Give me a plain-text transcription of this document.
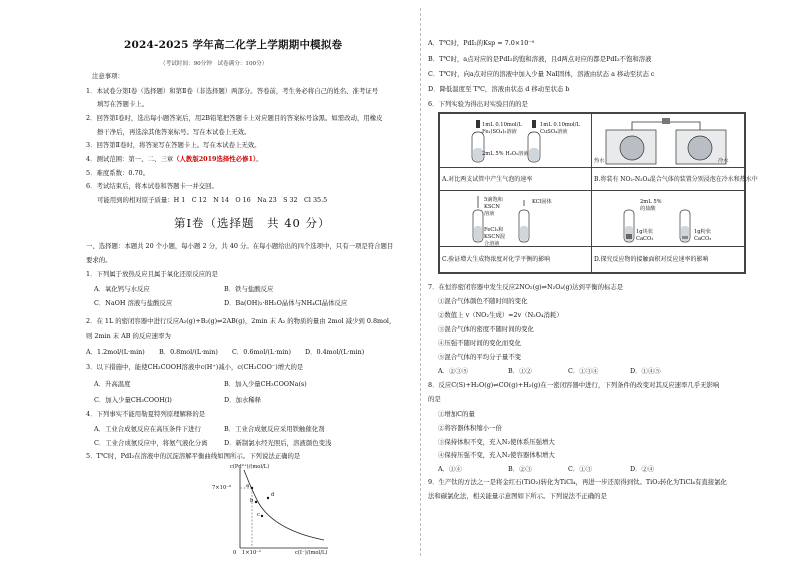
2024-2025 学年高二化学上学期期中模拟卷
（考试时间：90分钟　试卷满分：100分）
注意事项：
1．本试卷分第Ⅰ卷（选择题）和第Ⅱ卷（非选择题）两部分。答卷前，考生务必将自己的姓名、准考证号
填写在答题卡上。
2．回答第Ⅰ卷时，选出每小题答案后，用2B铅笔把答题卡上对应题目的答案标号涂黑。如需改动，用橡皮
擦干净后，再选涂其他答案标号。写在本试卷上无效。
3．回答第Ⅱ卷时，将答案写在答题卡上。写在本试卷上无效。
4．测试范围：第一、二、三章（人教版2019选择性必修1）。
5．难度系数：0.70。
6．考试结束后，将本试卷和答题卡一并交回。
可能用到的相对原子质量：H 1　C 12　N 14　O 16　Na 23　S 32　Cl 35.5
第Ⅰ卷（选择题　共 40 分）
一、选择题：本题共 20 个小题，每小题 2 分，共 40 分。在每小题给出的四个选项中，只有一项是符合题目
要求的。
1．下列属于放热反应且属于氧化还原反应的是
A．氧化钙与水反应	B．铁与盐酸反应
C．NaOH 溶液与盐酸反应	D．Ba(OH)₂·8H₂O晶体与NH₄Cl晶体反应
2．在 1L 的密闭容器中进行反应A₂(g)+B₂(g)⇌2AB(g)，2min 末 A₂ 的物质的量由 2mol 减少到 0.8mol，
则 2min 末 AB 的反应速率为
A．1.2mol/(L·min) B．0.8mol/(L·min) C．0.6mol/(L·min) D．0.4mol/(L·min)
3．以下措施中，能使CH₃COOH溶液中c(H⁺)减小，c(CH₃COO⁻)增大的是
A．升高温度	B．加入少量CH₃COONa(s)
C．加入少量CH₃COOH(l)	D．加水稀释
4．下列事实不能用勒夏特列原理解释的是
A．工业合成氨反应在高压条件下进行	B．工业合成氨反应采用铁触催化剂
C．工业合成氨反应中，将氨气液化分离	D．新制氯水经光照后，溶液颜色变浅
5．T℃时，PdI₂在溶液中的沉淀溶解平衡曲线如图所示。下列说法正确的是
c(Pd²⁺)/(mol/L)
7×10⁻⁶
0 1×10⁻¹	c(I⁻)/(mol/L)
a
b
c
d
A．T℃时，PdI₂的Ksp = 7.0×10⁻⁹
B．T℃时，a点对应的是PdI₂的饱和溶液，且d两点对应的都是PdI₂不饱和溶液
C．T℃时，向a点对应的溶液中加入少量 NaI固体，溶液由状态 a 移动至状态 c
D．降低温度至 T℃，溶液由状态 d 移动至状态 b
6．下列实验为得出对实验目的的是
1mL 0.10mol/L
Fe₂(SO₄)₃溶液
1mL 0.10mol/L
CuSO₄溶液
2mL 5% H₂O₂溶液
热水	冷水
A.对比两支试管中产生气泡的速率	B.将装有 NO₂-N₂O₄混合气体的装置分别浸泡在冷水和热水中
5滴饱和
KSCN
溶液
KCl固体
FeCl₃和
KSCN混
合溶液
2mL 5%
的盐酸
1g块状
CaCO₃
1g粉状
CaCO₃
C.验证增大生成物浓度对化学平衡的影响	D.探究反应物的接触面积对反应速率的影响
7．在恒容密闭容器中发生反应2NO₂(g)⇌N₂O₄(g)达到平衡的标志是
①混合气体颜色不随时间的变化
②数值上 v（NO₂生成）=2v（N₂O₄消耗）
③混合气体的密度不随时间的变化
④压强不随时间的变化而变化
⑤混合气体的平均分子量不变
A．②③⑤	B．①②	C．①③④	D．①④⑤
8．反应C(S)+H₂O(g)⇌CO(g)+H₂(g)在一密闭容器中进行，下列条件的改变对其反应速率几乎无影响
的是
①增加C的量
②将容器体积缩小一倍
③保持体积不变，充入N₂使体系压强增大
④保持压强不变，充入N₂使容器体积增大
A．①④	B．②③	C．①③	D．②④
9．生产钛的方法之一是将金红石(TiO₂)转化为TiCl₄，再进一步还原得到钛。TiO₂转化为TiCl₄有直接氯化
法和碳氯化法，相关能量示意图如下所示。下列说法不正确的是
